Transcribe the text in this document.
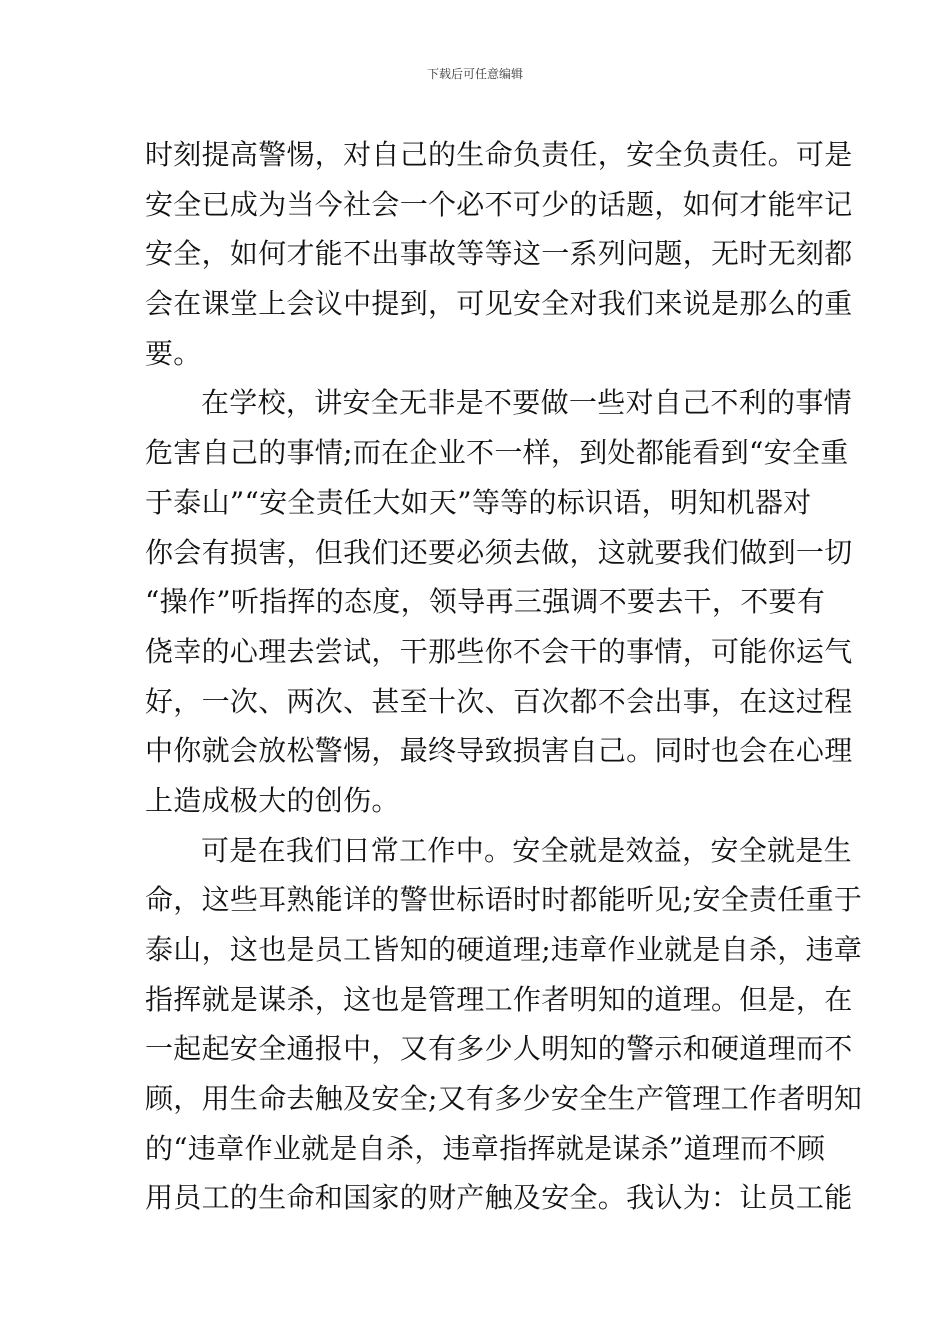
下载后可任意编辑
时刻提高警惕，对自己的生命负责任，安全负责任。可是
安全已成为当今社会一个必不可少的话题，如何才能牢记
安全，如何才能不出事故等等这一系列问题，无时无刻都
会在课堂上会议中提到，可见安全对我们来说是那么的重
要。
在学校，讲安全无非是不要做一些对自己不利的事情
危害自己的事情;而在企业不一样，到处都能看到“安全重
于泰山”“安全责任大如天”等等的标识语，明知机器对
你会有损害，但我们还要必须去做，这就要我们做到一切
“操作”听指挥的态度，领导再三强调不要去干，不要有
侥幸的心理去尝试，干那些你不会干的事情，可能你运气
好，一次、两次、甚至十次、百次都不会出事，在这过程
中你就会放松警惕，最终导致损害自己。同时也会在心理
上造成极大的创伤。
可是在我们日常工作中。安全就是效益，安全就是生
命，这些耳熟能详的警世标语时时都能听见;安全责任重于
泰山，这也是员工皆知的硬道理;违章作业就是自杀，违章
指挥就是谋杀，这也是管理工作者明知的道理。但是，在
一起起安全通报中，又有多少人明知的警示和硬道理而不
顾，用生命去触及安全;又有多少安全生产管理工作者明知
的“违章作业就是自杀，违章指挥就是谋杀”道理而不顾
用员工的生命和国家的财产触及安全。我认为：让员工能
